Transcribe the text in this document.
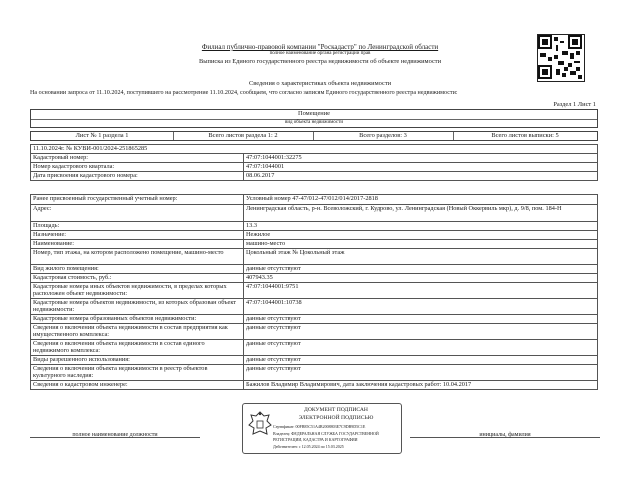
Филиал публично-правовой компании "Роскадастр" по Ленинградской области
полное наименование органа регистрации прав
Выписка из Единого государственного реестра недвижимости об объекте недвижимости
Сведения о характеристиках объекта недвижимости
На основании запроса от 11.10.2024, поступившего на рассмотрение 11.10.2024, сообщаем, что согласно записям Единого государственного реестра недвижимости:
Раздел 1 Лист 1
Помещение
вид объекта недвижимости
Лист № 1 раздела 1	Всего листов раздела 1: 2	Всего разделов: 3	Всего листов выписки: 5
11.10.2024г. № КУВИ-001/2024-251865285	
Кадастровый номер:	47:07:1044001:32275
Номер кадастрового квартала:	47:07:1044001
Дата присвоения кадастрового номера:	08.06.2017
Ранее присвоенный государственный учетный номер:	Условный номер 47-47/012-47/012/014/2017-2818
Адрес:	Ленинградская область, р-н. Всеволожский, г. Кудрово, ул. Ленинградская (Новый Оккервиль мкр), д. 9/8, пом. 184-Н
Площадь:	13.3
Назначение:	Нежилое
Наименование:	машино-место
Номер, тип этажа, на котором расположено помещение, машино-место	Цокольный этаж № Цокольный этаж
Вид жилого помещения:	данные отсутствуют
Кадастровая стоимость, руб.:	407943.35
Кадастровые номера иных объектов недвижимости, в пределах которых расположен объект недвижимости:	47:07:1044001:9751
Кадастровые номера объектов недвижимости, из которых образован объект недвижимости:	47:07:1044001:10738
Кадастровые номера образованных объектов недвижимости:	данные отсутствуют
Сведения о включении объекта недвижимости в состав предприятия как имущественного комплекса:	данные отсутствуют
Сведения о включении объекта недвижимости в состав единого недвижимого комплекса:	данные отсутствуют
Виды разрешенного использования:	данные отсутствуют
Сведения о включении объекта недвижимости в реестр объектов культурного наследия:	данные отсутствуют
Сведения о кадастровом инженере:	Бажилов Владимир Владимирович, дата заключения кадастровых работ: 10.04.2017
полное наименование должности	инициалы, фамилия
ДОКУМЕНТ ПОДПИСАН
ЭЛЕКТРОННОЙ ПОДПИСЬЮ
Сертификат: 00FB85C51A4B2008803E7C9DB9D5C1E
Владелец: ФЕДЕРАЛЬНАЯ СЛУЖБА ГОСУДАРСТВЕННОЙ
РЕГИСТРАЦИИ, КАДАСТРА И КАРТОГРАФИИ
Действителен: с 12.05.2024 по 15.03.2025
